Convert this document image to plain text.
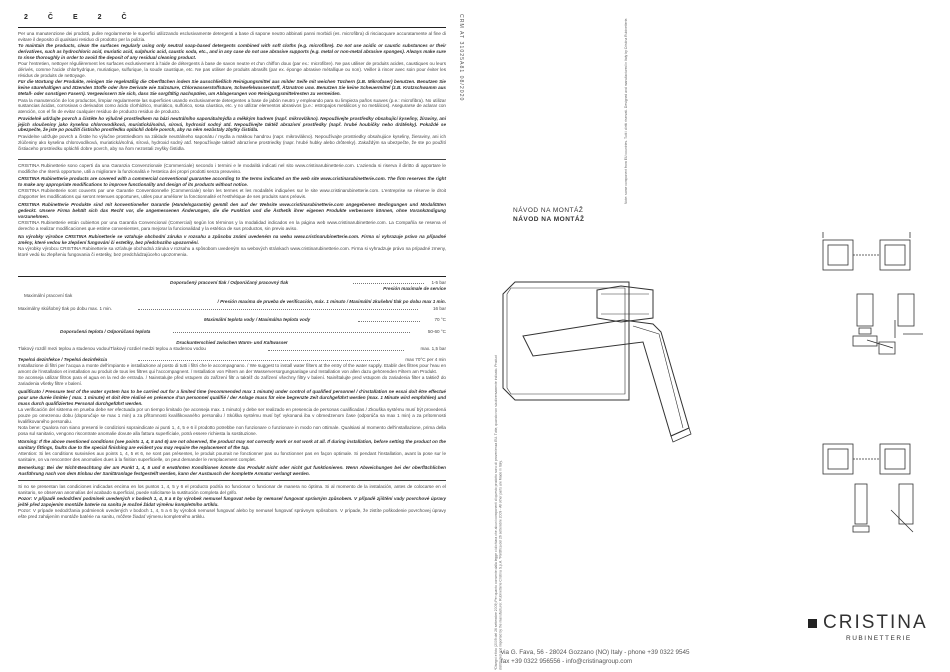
2 Č E 2 Č

Per una manutenzione dei prodotti, pulire regolarmente le superfici utilizzando esclusivamente detergenti a base di sapone neutro abbinati panni morbidi (es. microfibra) di risciacquare accuratamente al fine di evitare il deposito di qualsiasi residuo di prodotto per la pulizia.

To maintain the products, clean the surfaces regularly using only neutral soap-based detergents combined with soft cloths (e.g. microfibre). Do not use acidic or caustic substances or their derivatives, such as hydrochloric acid, muriatic acid, sulphuric acid, caustic soda, etc., and in any case do not use abrasive supports (e.g. metal or non-metal abrasive sponges). Always make sure to rinse thoroughly in order to avoid the deposit of any residual cleaning product.

Pour l'entretien, nettoyer régulièrement les surfaces exclusivement à l'aide de détergents à base de savon neutre et d'un chiffon doux (par ex.: microfibre). Ne pas utiliser de produits acides, caustiques ou leurs dérivés, comme l'acide chlorhydrique, muriatique, sulfurique, la soude caustique, etc. Ne pas utiliser de produits abrasifs (par ex. éponge abrasive métallique ou non). Veiller à rincer avec soin pour éviter les résidus de produits de nettoyage.

Für die Wartung der Produkte, reinigen Sie regelmäßig die Oberflächen indem Sie ausschließlich Reinigungsmittel aus milder Seife mit weichen Tüchern (z.B. Mikrofaser) benutzen. Benutzen Sie keine säurehaltigen und ätzenden Stoffe oder ihre Derivate wie Salzsäure, Chlorwasserstoffsäure, Schwefelwasserstoff, Ätznatron usw. Benutzen Sie keine Scheuermittel (z.B. Kratzschwamm aus Metall- oder sonstigen Fasern). Vergewissern Sie sich, dass Sie sorgfältig nachspülen, um Ablagerungen von Reinigungsmittelresten zu vermeiden.

Para la manutención de los productos, limpiar regularmente las superficies usando exclusivamente detergentes a base de jabón neutro y empleando para su limpieza paños suaves (p.e.: microfibra). No utilizar sustancias ácidas, corrosivas o derivados como ácido clorhídrico, muriático, sulfúrico, sosa cáustica, etc. y no utilizar elementos abrasivos (p.e.: estropajos metálicos y no metálicos). Asegurarse de aclarar con atención, con el fin de evitar cualquier residuo de producto residuo de producto.

Pravidelně udržujte povrch a čistěte ho výlučně prostředkem na bázi neutrálního saponátu/mýdla a měkkým hadrem (např. mikrovlákno). Nepoužívejte prostředky obsahující kyseliny, žíraviny, ani jejich sloučeniny jako kyselina chlorovodíková, muriatická/solná, sírová, hydroxid sodný atd. Nepoužívejte taktéž abrazivní prostředky (např. hrubé houbičky nebo drátěnky). Pokaždé se ubezpečte, že jste po použití čisticího prostředku opláchli dobře povrch, aby na něm nezůstaly zbytky čistidla.

Pravidelne udržujte povrch a čistite ho výlučne prostriedkom na základe neutrálneho saponátu / mydla a mäkkou handrou (napr. mikrovlákno). Nepoužívajte prostriedky obsahujúce kyseliny, žieraviny, ani ich zlúčeniny ako kyselina chlorovodíková, muriatická/soľná, sírová, hydroxid sodný atď. Nepoužívajte taktiež abrazívne prostriedky (napr. hrubé hubky alebo drôtenky). Zakaždým sa ubezpečte, že ste po použití čistiaceho prostriedku opláchli dobre povrch, aby na ňom nezostali zvyšky čistidla.

CRISTINA Rubinetterie sono coperti da una Garanzia Convenzionale (Commerciale) secondo i termini e le modalità indicati nel sito www.cristinarubinetterie.com. L'azienda si riserva il diritto di apportare le modifiche che riterrà opportune, utili a migliorare la funzionalità e l'estetica dei propri prodotti senza preavviso.

CRISTINA Rubinetterie products are covered with a commercial conventional guarantee according to the terms indicated on the web site www.cristinarubinetterie.com. The firm reserves the right to make any appropriate modifications to improve functionality and design of its products without notice.

CRISTINA Rubinetterie sont couverts par une Garantie Conventionnelle (Commerciale) selon les termes et les modalités indiquées sur le site www.cristinarubinetterie.com. L'entreprise se réserve le droit d'apporter les modifications qui seront retenues opportunes, utiles pour améliorer la fonctionnalité et l'esthétique de ses produits sans préavis.

CRISTINA Rubinetterie Produkte sind mit konventioneller Garantie (Handelsgarantie) gemäß den auf der Website www.cristinarubinetterie.com angegebenen Bedingungen und Modalitäten gedeckt. Unsere Firma behält sich das Recht vor, die angemessenen Änderungen, die die Funktion und die Ästhetik ihrer eigenen Produkte verbessern können, ohne Vorankündigung vorzunehmen.

CRISTINA Rubinetterie están cubiertos por una Garantía Convencional (Comercial) según los términos y la modalidad indicados en la página web www.cristinarubinetterie.com. La Compañía se reserva el derecho a realizar modificaciones que estime convenientes, para mejorar la funcionalidad y la estética de sus productos, sin previo aviso.

Na výrobky výrobce CRISTINA Rubinetterie se vztahuje obchodní záruka v rozsahu a způsobu známi uvedeném na webu www.cristinarubinetterie.com. Firma si vyhrazuje právo na případné změny, které vedou ke zlepšení fungování či estetiky, bez předchozího upozornění.

Na výrobky výrobcu CRISTINA Rubinetterie sa vzťahuje obchodná záruka v rozsahu a spôsobom uvedeným na webových stránkach www.cristinarubinetterie.com. Firma si vyhradzuje právo na prípadné zmeny, ktoré vedú ku zlepšeniu fungovania či estetiky, bez predchádzajúceho upozornenia.

Doporučený pracovní tlak / Odporúčaný pracovný tlak	1-5 bar
Presión maximale de service
Maximální pracovní tlak
/ Presión maxima de prueba de verificación, máx. 1 minuto / Maximální zkušební tlak po dobu max 1 min.
Maximálny skúšobný tlak po dobu max. 1 min.	16 bar
Maximální teplota vody / Maximálna teplota vody	70 °C
Doporučená teplota / Odporúčaná teplota	50-60 °C
Druckunterschied zwischen Warm- und Kaltwasser
Tlakový rozdíl mezi teplou a studenou vodou/Tlakový rozdiel medzi teplou a studenou vodou	max. 1,5 bar
Tepelná dezinfekce / Tepelná dezinfekcia	max 70°C per 4 min

Installazione di filtri per l'acqua a monte dell'impianto e installazione al posto di tutti i filtri che le accompagnano. / We suggest to install water filters at the entry of the water supply. Etablir des filtres pour l'eau en amont de l'installation et installation au produit de tous les filtres qui l'accompagnent. / Installation von Filtern an der Wasserversorgungsanlage und Installation von allen dazu gehörenden Filtern am Produkt.

Se aconseja utilizar filtros para el agua en la red de entrada. / Nainstalujte před vstupem do zařízení filtr a taktéž do zařízení všechny filtry v balení. Nainštalujte pred vstupom do zariadenia filter a taktiež do zariadenia všetky filtre v balení.

qualificato / Pressure test of the water system has to be carried out for a limited time (recommended max 1 minute) under control of qualified personnel / d'installation ne essai doit être effectué pour une durée limitée ( max. 1 minute) et doit être réalisé en présence d'un personnel qualifié / der Anlage muss für eine begrenzte Zeit durchgeführt werden (max. 1 Minute wird empfohlen) und muss durch qualifiziertes Personal durchgeführt werden.

La verificación del sistema en prueba debe ser efectuada por un tiempo limitado (se aconseja max. 1 minuto) y debe ser realizado en presencia de personas cualificadas / Zkouška systému musí být provedená pouze po omezenou dobu (doporučuje se max 1 min) a za přítomnosti kvalifikovaného personálu / Skúška systému musí byť vykonaná iba v obmedzenom čase (odporúča sa max 1 min) a za prítomnosti kvalifikovaného personálu.

Nota bene: Qualora non siano presenti le condizioni sopraindicate ai punti 1, 4, 5 e 6 il prodotto potrebbe non funzionare o funzionare in modo non ottimale. Qualsiasi al momento dell'installazione, prima della posa sul sanitario, vengono riscontrate anomalie dovute alla fattura superficiale, potrà essere richiesta la sostituzione.

Warning: If the above mentioned conditions (see points 1, 4, 5 and 6) are not observed, the product may not correctly work or not work at all. If during installation, before setting the product on the sanitary fittings, faults due to the special finishing are evident you may require the replacement of the tap.

Attention: Si les conditions susvisées aux points 1, 4, 5 et 6, ne sont pas présentes, le produit pourrait ne fonctionner pas ou fonctionner pas en façon optimale. Si pendant l'installation, avant la pose sur le sanitaire, on va rencontrer des anomalies dues à la finition superficielle, on peut demander le remplacement complet.

Bemerkung: Bei der Nicht-Beachtung der am Punkt 1, 4, 5 und 6 erwähnten Konditionen könnte das Produkt nicht oder nicht gut funktionieren. Wenn Abweichungen bei der oberflächlichen Ausführung nach von dem Einbau der Sanitäranlage festgestellt werden, kann der Austausch der komplette Armatur verlangt werden.

Si no se presentan las condiciones indicadas encima en los puntos 1, 4, 5 y 6 el producto podría no funcionar o funcionar de manera no óptima. Si al momento de la instalación, antes de colocarse en el sanitario, se observan anomalías del acabado superficial, puede solicitarse la sustitución completa del grifo.

Pozor: V případě nedodržení podmínek uvedených v bodech 1, 4, 5 a 6 by výrobek nemusel fungovat nebo by nemusel fungovat správným způsobem. V případě zjištění vady povrchové úpravy ještě před zapojením montáže baterie na sanitu je možné žádat výměnu kompletního artiklu.

Pozor: V prípade nedodržania podmienok uvedených v bodoch 1, 4, 5 a 6 by výrobok nemusel fungovať alebo by nemusel fungovať správnym spôsobom. V prípade, že zistíte poškodenie povrchovej úpravy ešte pred zahájením montáže batérie na sanitu, môžete žiadať výmenu kompletného artiklu.

CRM AT 31025A81 08/2020
*Disegni e foto (2009 del 26 settembre 2009) Per quanto consente dalla legge ci dichiara che alcuni componenti di questo prodotto sono di provenienza EU. Tutte, quando non sia diversamente indicato. Product distributed and imported by the manufacturer. Rubinetterie Cristina S.p.A. *Rettifica del 26 settembre 2009 - All other parts are Made in Italy.
Note: some component from EU countries. Tutti i diritti riservati. Designed and manufactured in Italy by Cristina Rubinetterie.
NÁVOD NA MONTÁŽ
NÁVOD NA MONTÁŽ
via G. Fava, 56 - 28024 Gozzano (NO) Italy - phone +39 0322 9545
fax +39 0322 956556 - info@cristinagroup.com
CRISTINA
RUBINETTERIE
